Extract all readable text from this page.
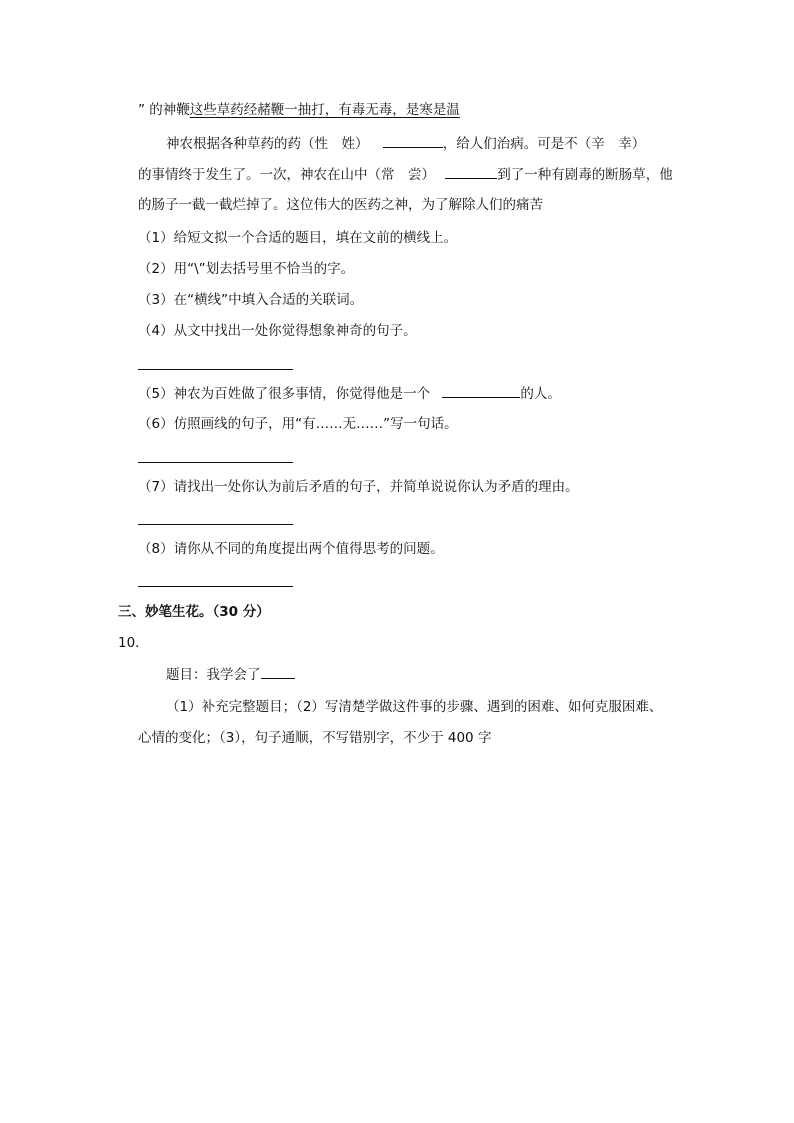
” 的神鞭这些草药经赭鞭一抽打，有毒无毒，是寒是温
神农根据各种草药的药（性　姓）	，给人们治病。可是不（辛　幸）
的事情终于发生了。一次，神农在山中（常　尝）	到了一种有剧毒的断肠草，他
的肠子一截一截烂掉了。这位伟大的医药之神，为了解除人们的痛苦
（1）给短文拟一个合适的题目，填在文前的横线上。
（2）用“\”划去括号里不恰当的字。
（3）在“横线”中填入合适的关联词。
（4）从文中找出一处你觉得想象神奇的句子。
（5）神农为百姓做了很多事情，你觉得他是一个	的人。
（6）仿照画线的句子，用“有……无……”写一句话。
（7）请找出一处你认为前后矛盾的句子，并简单说说你认为矛盾的理由。
（8）请你从不同的角度提出两个值得思考的问题。
三、妙笔生花。（30 分）
10．
题目：我学会了
（1）补充完整题目；（2）写清楚学做这件事的步骤、遇到的困难、如何克服困难、
心情的变化；（3），句子通顺，不写错别字，不少于 400 字
